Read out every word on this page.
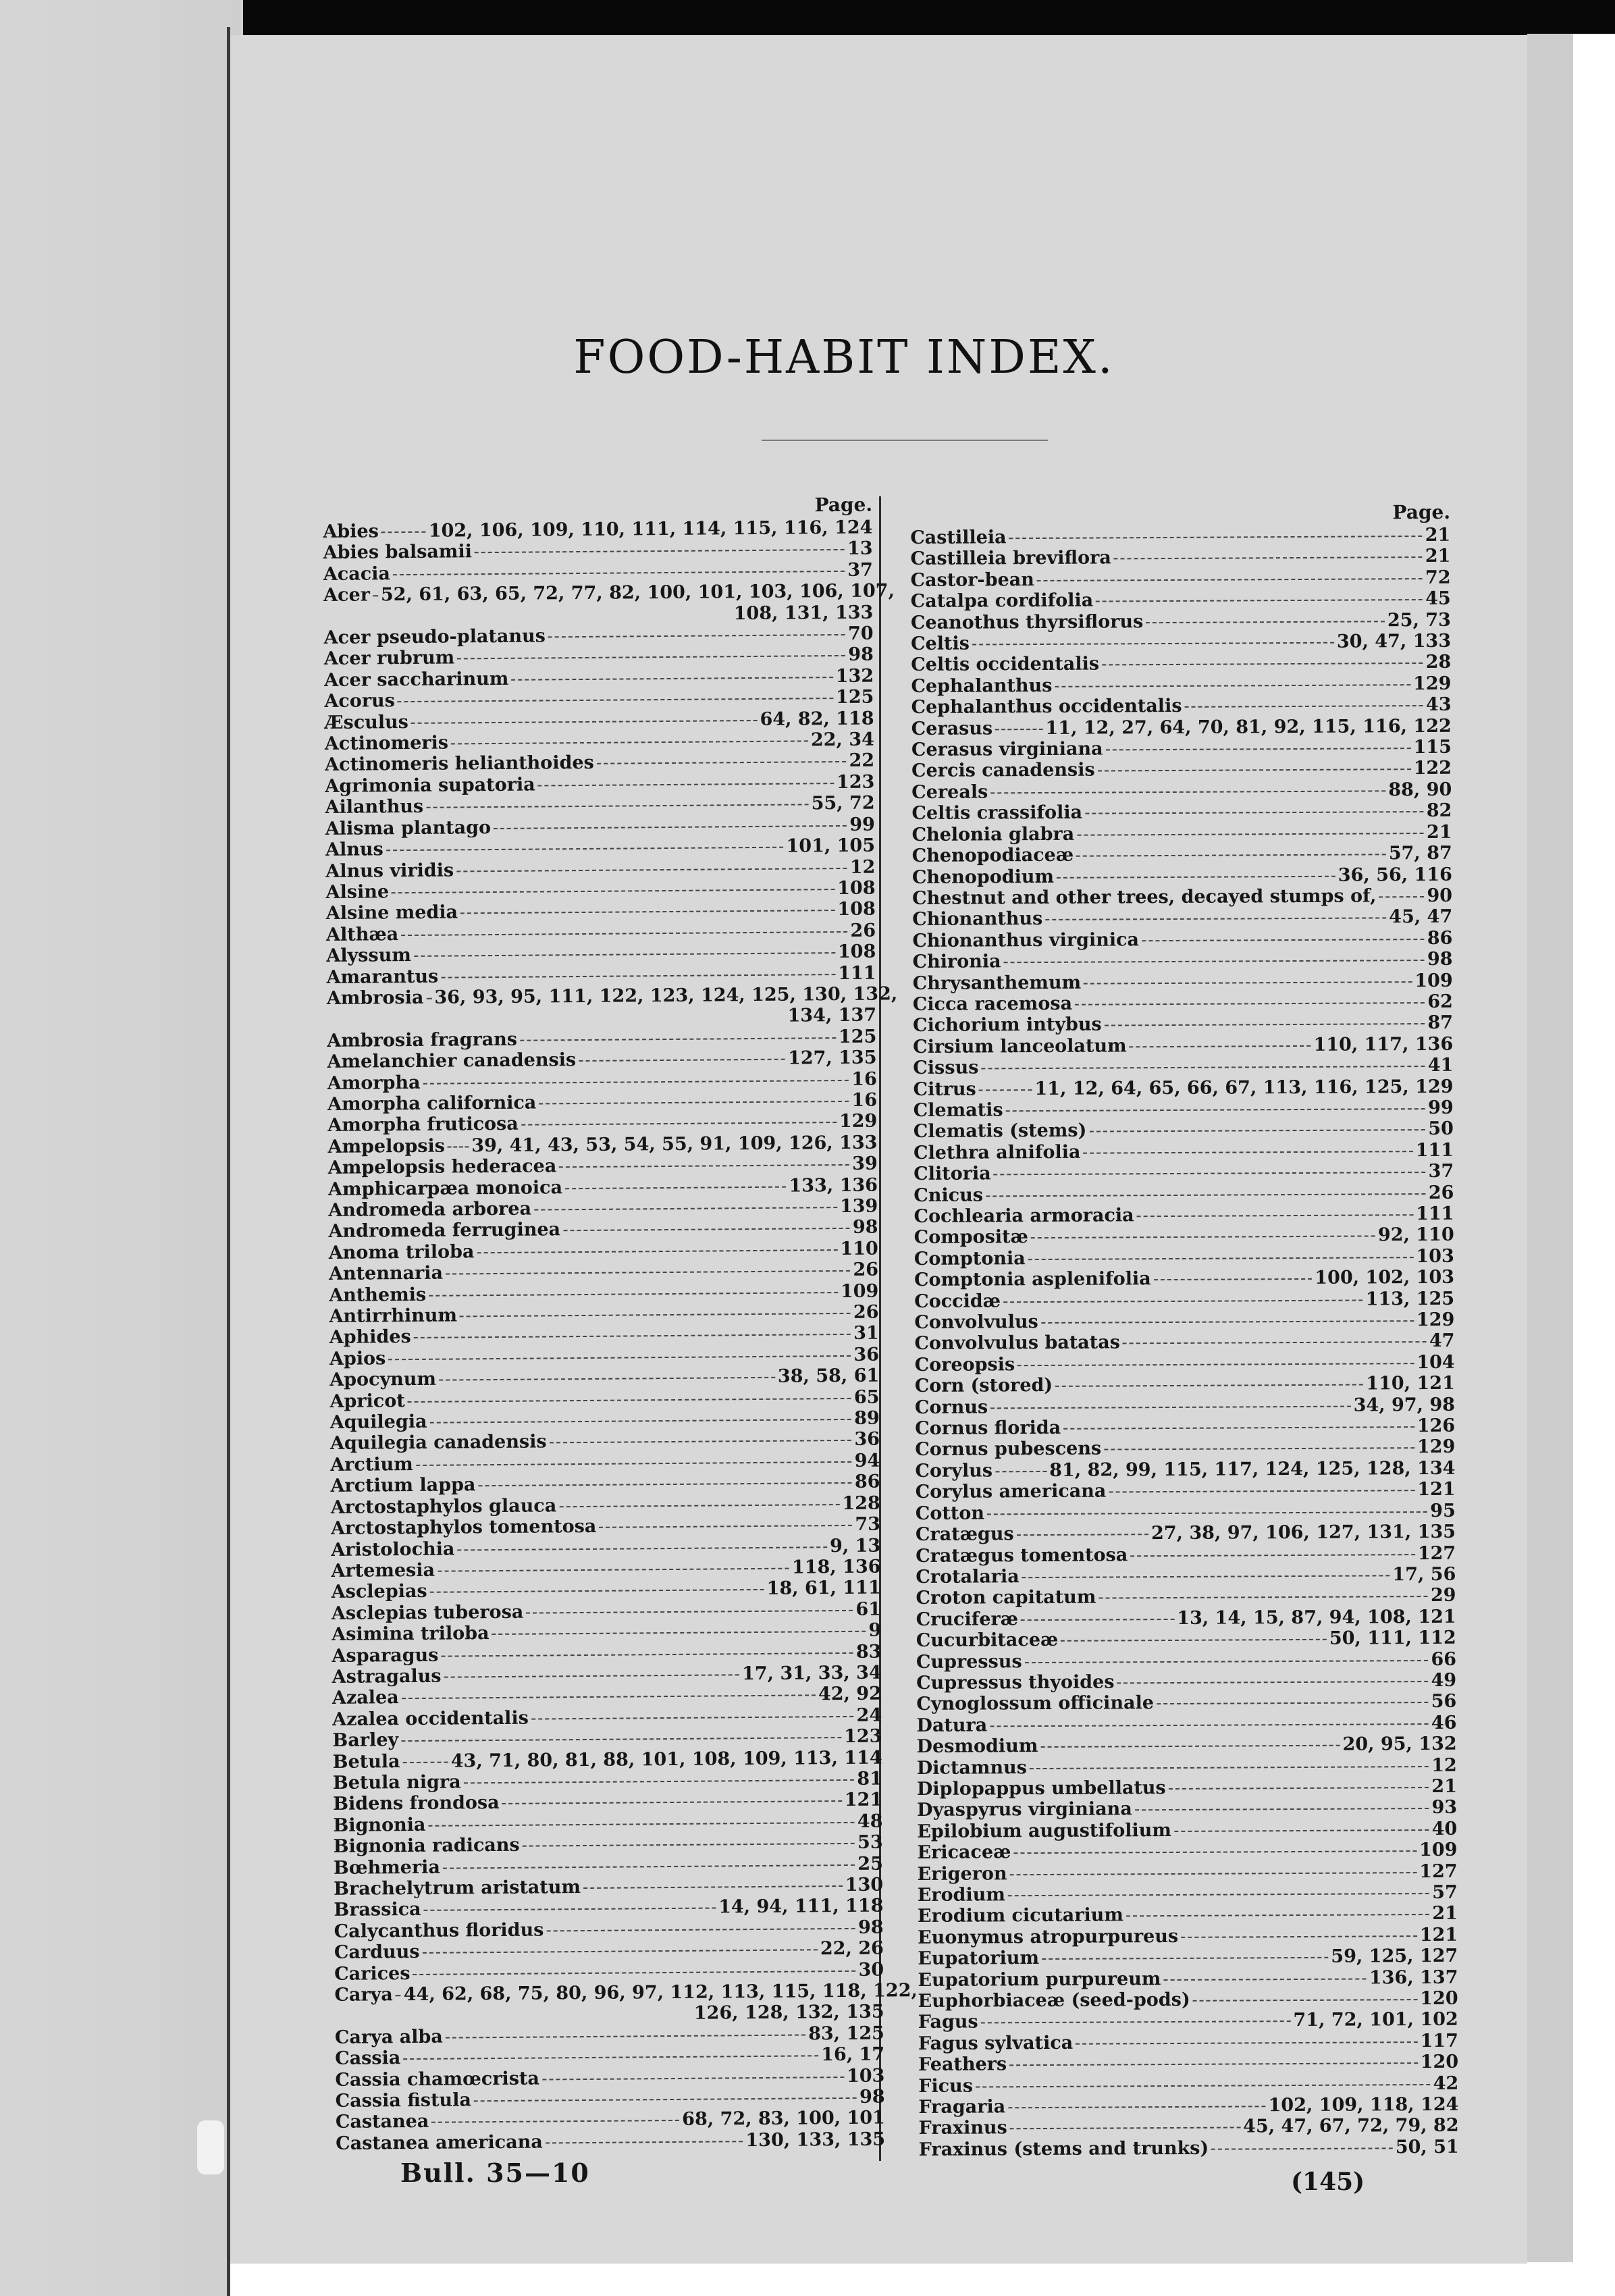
FOOD-HABIT INDEX.
Page.
Abies	102, 106, 109, 110, 111, 114, 115, 116, 124
Abies balsamii	13
Acacia	37
Acer 52, 61, 63, 65, 72, 77, 82, 100, 101, 103, 106, 107,
108, 131, 133
Acer pseudo-platanus	70
Acer rubrum	98
Acer saccharinum	132
Acorus	125
Æsculus	64, 82, 118
Actinomeris	22, 34
Actinomeris helianthoides	22
Agrimonia supatoria	123
Ailanthus	55, 72
Alisma plantago	99
Alnus	101, 105
Alnus viridis	12
Alsine	108
Alsine media	108
Althæa	26
Alyssum	108
Amarantus	111
Ambrosia 36, 93, 95, 111, 122, 123, 124, 125, 130, 132,
134, 137
Ambrosia fragrans	125
Amelanchier canadensis	127, 135
Amorpha	16
Amorpha californica	16
Amorpha fruticosa	129
Ampelopsis 39, 41, 43, 53, 54, 55, 91, 109, 126, 133
Ampelopsis hederacea	39
Amphicarpæa monoica	133, 136
Andromeda arborea	139
Andromeda ferruginea	98
Anoma triloba	110
Antennaria	26
Anthemis	109
Antirrhinum	26
Aphides	31
Apios	36
Apocynum	38, 58, 61
Apricot	65
Aquilegia	89
Aquilegia canadensis	36
Arctium	94
Arctium lappa	86
Arctostaphylos glauca	128
Arctostaphylos tomentosa	73
Aristolochia	9, 13
Artemesia	118, 136
Asclepias	18, 61, 111
Asclepias tuberosa	61
Asimina triloba	9
Asparagus	83
Astragalus	17, 31, 33, 34
Azalea	42, 92
Azalea occidentalis	24
Barley	123
Betula	43, 71, 80, 81, 88, 101, 108, 109, 113, 114
Betula nigra	81
Bidens frondosa	121
Bignonia	48
Bignonia radicans	53
Bœhmeria	25
Brachelytrum aristatum	130
Brassica	14, 94, 111, 118
Calycanthus floridus	98
Carduus	22, 26
Carices	30
Carya 44, 62, 68, 75, 80, 96, 97, 112, 113, 115, 118, 122,
126, 128, 132, 135
Carya alba	83, 125
Cassia	16, 17
Cassia chamœcrista	103
Cassia fistula	98
Castanea	68, 72, 83, 100, 101
Castanea americana	130, 133, 135
Page.
Castilleia	21
Castilleia breviflora	21
Castor-bean	72
Catalpa cordifolia	45
Ceanothus thyrsiflorus	25, 73
Celtis	30, 47, 133
Celtis occidentalis	28
Cephalanthus	129
Cephalanthus occidentalis	43
Cerasus	11, 12, 27, 64, 70, 81, 92, 115, 116, 122
Cerasus virginiana	115
Cercis canadensis	122
Cereals	88, 90
Celtis crassifolia	82
Chelonia glabra	21
Chenopodiaceæ	57, 87
Chenopodium	36, 56, 116
Chestnut and other trees, decayed stumps of,	90
Chionanthus	45, 47
Chionanthus virginica	86
Chironia	98
Chrysanthemum	109
Cicca racemosa	62
Cichorium intybus	87
Cirsium lanceolatum	110, 117, 136
Cissus	41
Citrus	11, 12, 64, 65, 66, 67, 113, 116, 125, 129
Clematis	99
Clematis (stems)	50
Clethra alnifolia	111
Clitoria	37
Cnicus	26
Cochlearia armoracia	111
Compositæ	92, 110
Comptonia	103
Comptonia asplenifolia	100, 102, 103
Coccidæ	113, 125
Convolvulus	129
Convolvulus batatas	47
Coreopsis	104
Corn (stored)	110, 121
Cornus	34, 97, 98
Cornus florida	126
Cornus pubescens	129
Corylus	81, 82, 99, 115, 117, 124, 125, 128, 134
Corylus americana	121
Cotton	95
Cratægus	27, 38, 97, 106, 127, 131, 135
Cratægus tomentosa	127
Crotalaria	17, 56
Croton capitatum	29
Cruciferæ	13, 14, 15, 87, 94, 108, 121
Cucurbitaceæ	50, 111, 112
Cupressus	66
Cupressus thyoides	49
Cynoglossum officinale	56
Datura	46
Desmodium	20, 95, 132
Dictamnus	12
Diplopappus umbellatus	21
Dyaspyrus virginiana	93
Epilobium augustifolium	40
Ericaceæ	109
Erigeron	127
Erodium	57
Erodium cicutarium	21
Euonymus atropurpureus	121
Eupatorium	59, 125, 127
Eupatorium purpureum	136, 137
Euphorbiaceæ (seed-pods)	120
Fagus	71, 72, 101, 102
Fagus sylvatica	117
Feathers	120
Ficus	42
Fragaria	102, 109, 118, 124
Fraxinus	45, 47, 67, 72, 79, 82
Fraxinus (stems and trunks)	50, 51
Bull. 35—10	(145)
